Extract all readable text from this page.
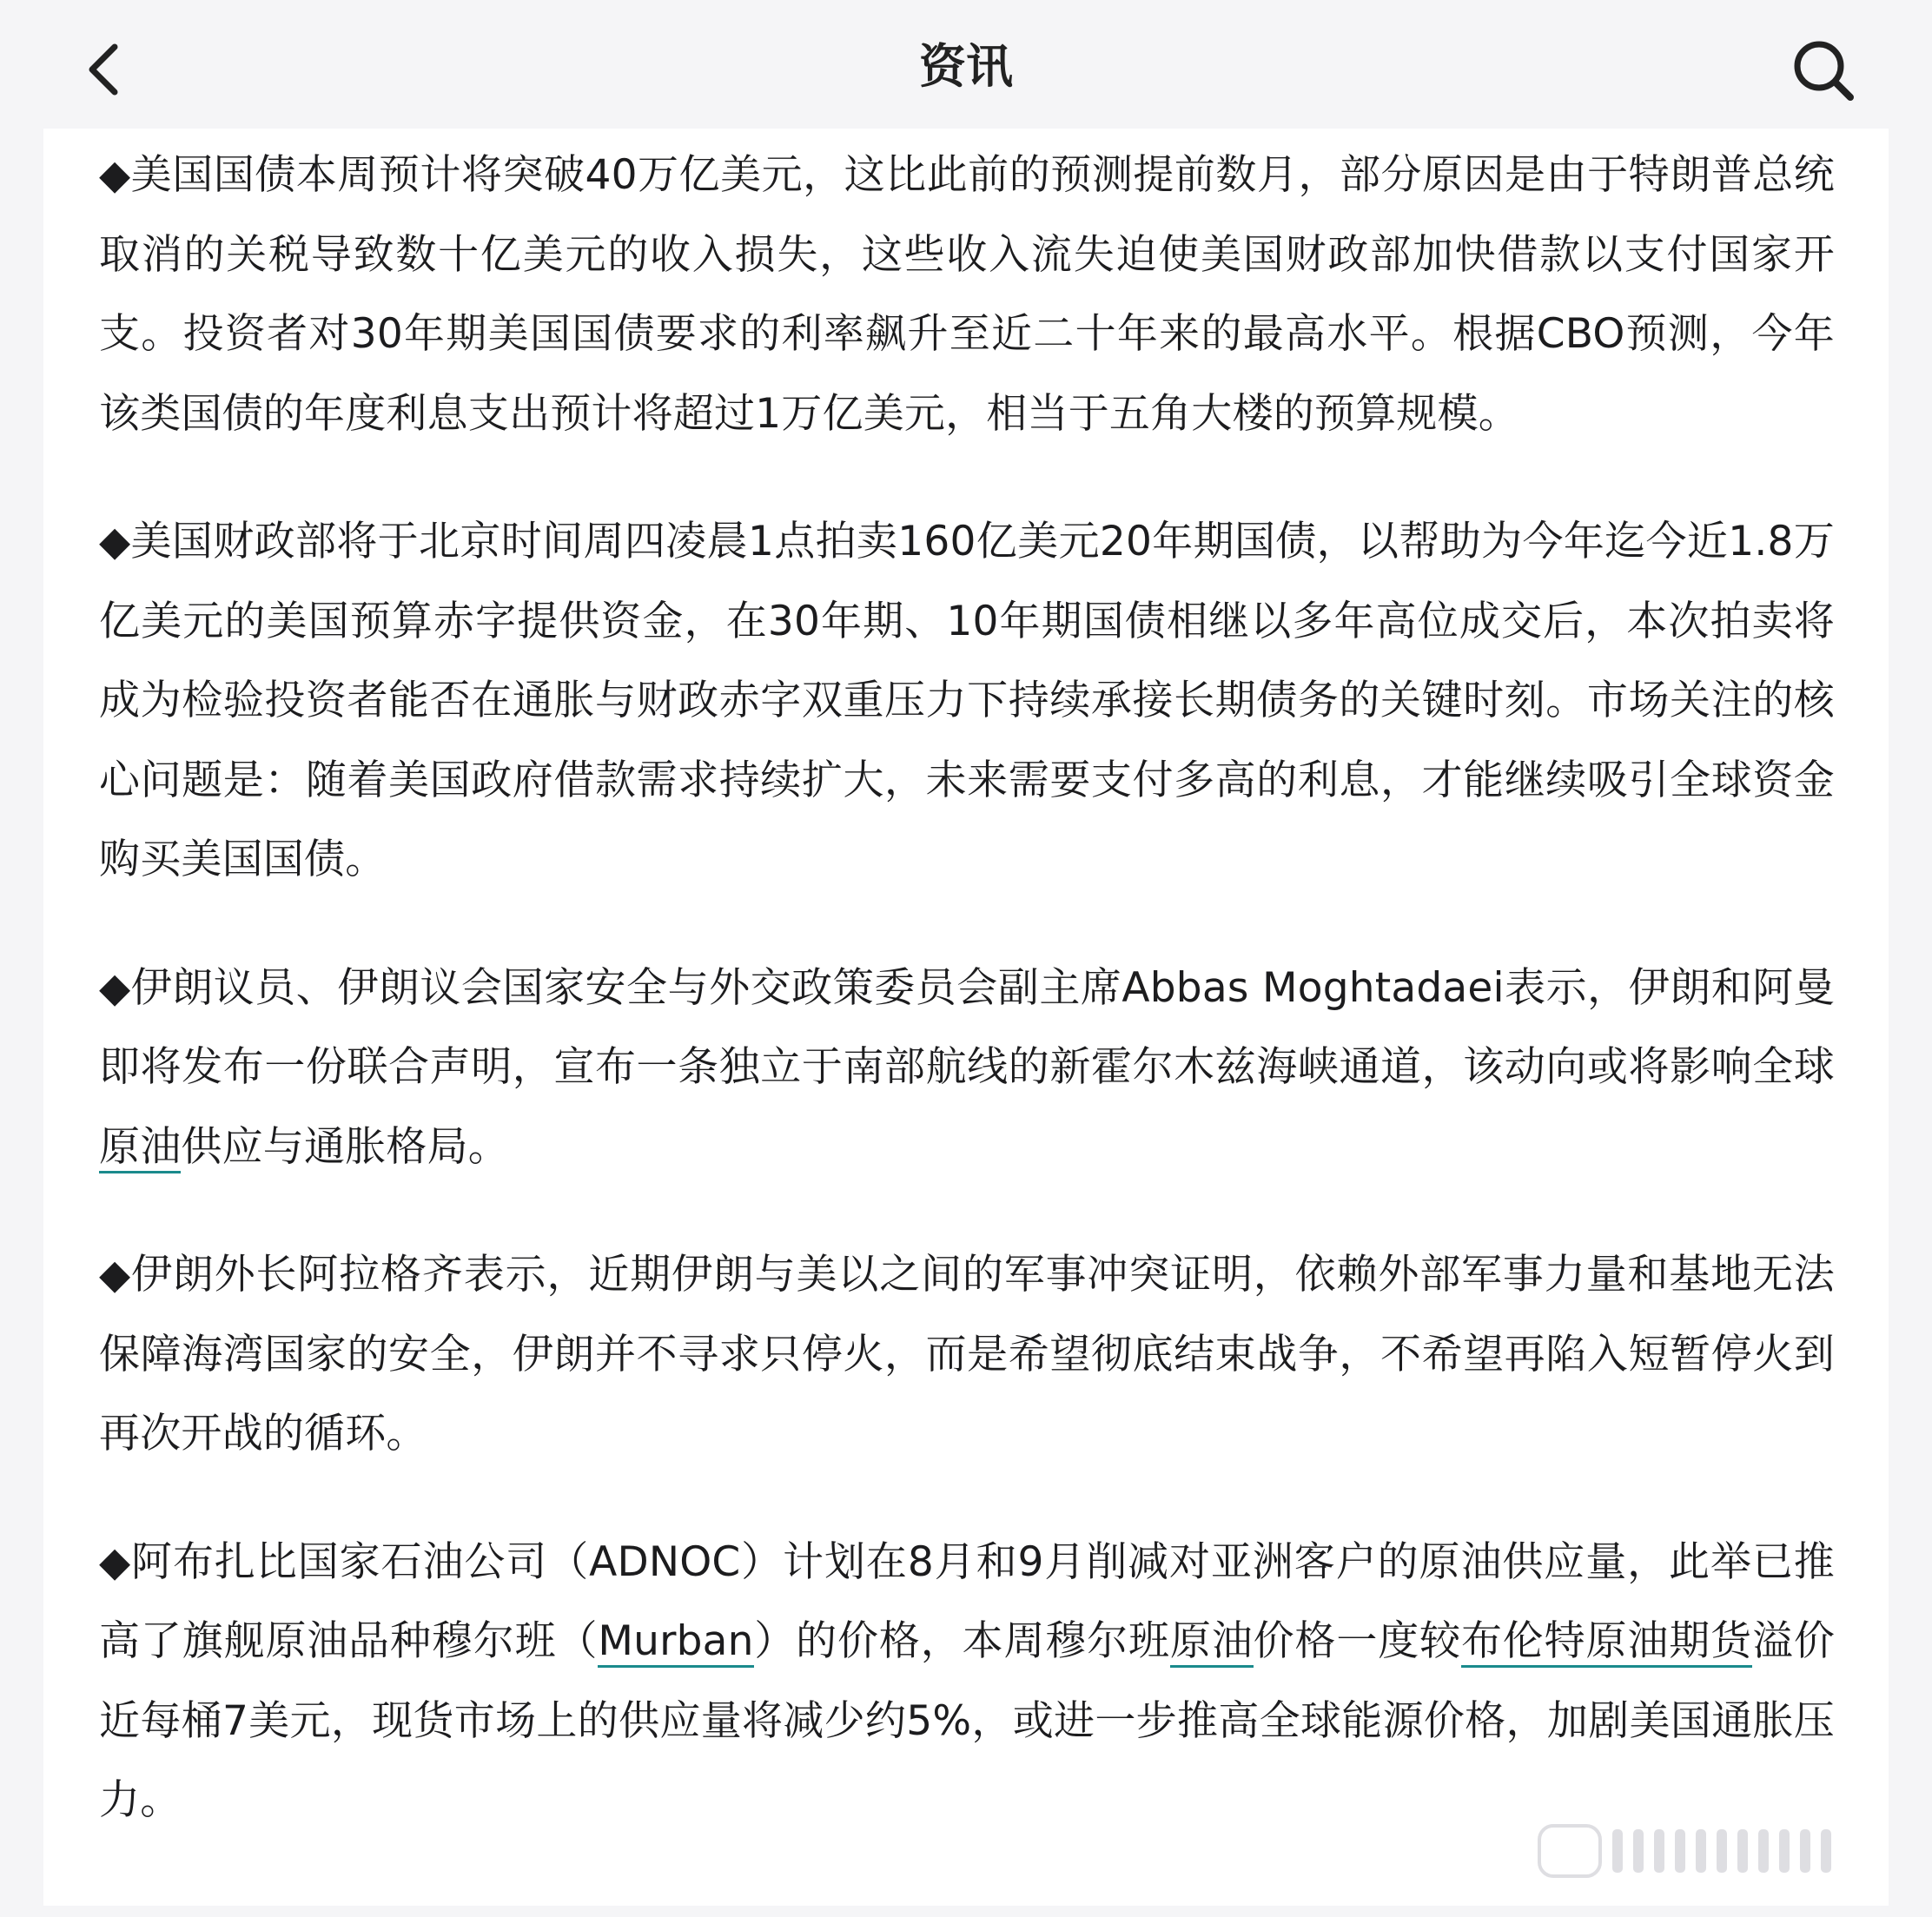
资讯

◆美国国债本周预计将突破40万亿美元，这比此前的预测提前数月，部分原因是由于特朗普总统取消的关税导致数十亿美元的收入损失，这些收入流失迫使美国财政部加快借款以支付国家开支。投资者对30年期美国国债要求的利率飙升至近二十年来的最高水平。根据CBO预测，今年该类国债的年度利息支出预计将超过1万亿美元，相当于五角大楼的预算规模。

◆美国财政部将于北京时间周四凌晨1点拍卖160亿美元20年期国债，以帮助为今年迄今近1.8万亿美元的美国预算赤字提供资金，在30年期、10年期国债相继以多年高位成交后，本次拍卖将成为检验投资者能否在通胀与财政赤字双重压力下持续承接长期债务的关键时刻。市场关注的核心问题是：随着美国政府借款需求持续扩大，未来需要支付多高的利息，才能继续吸引全球资金购买美国国债。

◆伊朗议员、伊朗议会国家安全与外交政策委员会副主席Abbas Moghtadaei表示，伊朗和阿曼即将发布一份联合声明，宣布一条独立于南部航线的新霍尔木兹海峡通道，该动向或将影响全球原油供应与通胀格局。

◆伊朗外长阿拉格齐表示，近期伊朗与美以之间的军事冲突证明，依赖外部军事力量和基地无法保障海湾国家的安全，伊朗并不寻求只停火，而是希望彻底结束战争，不希望再陷入短暂停火到再次开战的循环。

◆阿布扎比国家石油公司（ADNOC）计划在8月和9月削减对亚洲客户的原油供应量，此举已推高了旗舰原油品种穆尔班（Murban）的价格，本周穆尔班原油价格一度较布伦特原油期货溢价近每桶7美元，现货市场上的供应量将减少约5%，或进一步推高全球能源价格，加剧美国通胀压力。
